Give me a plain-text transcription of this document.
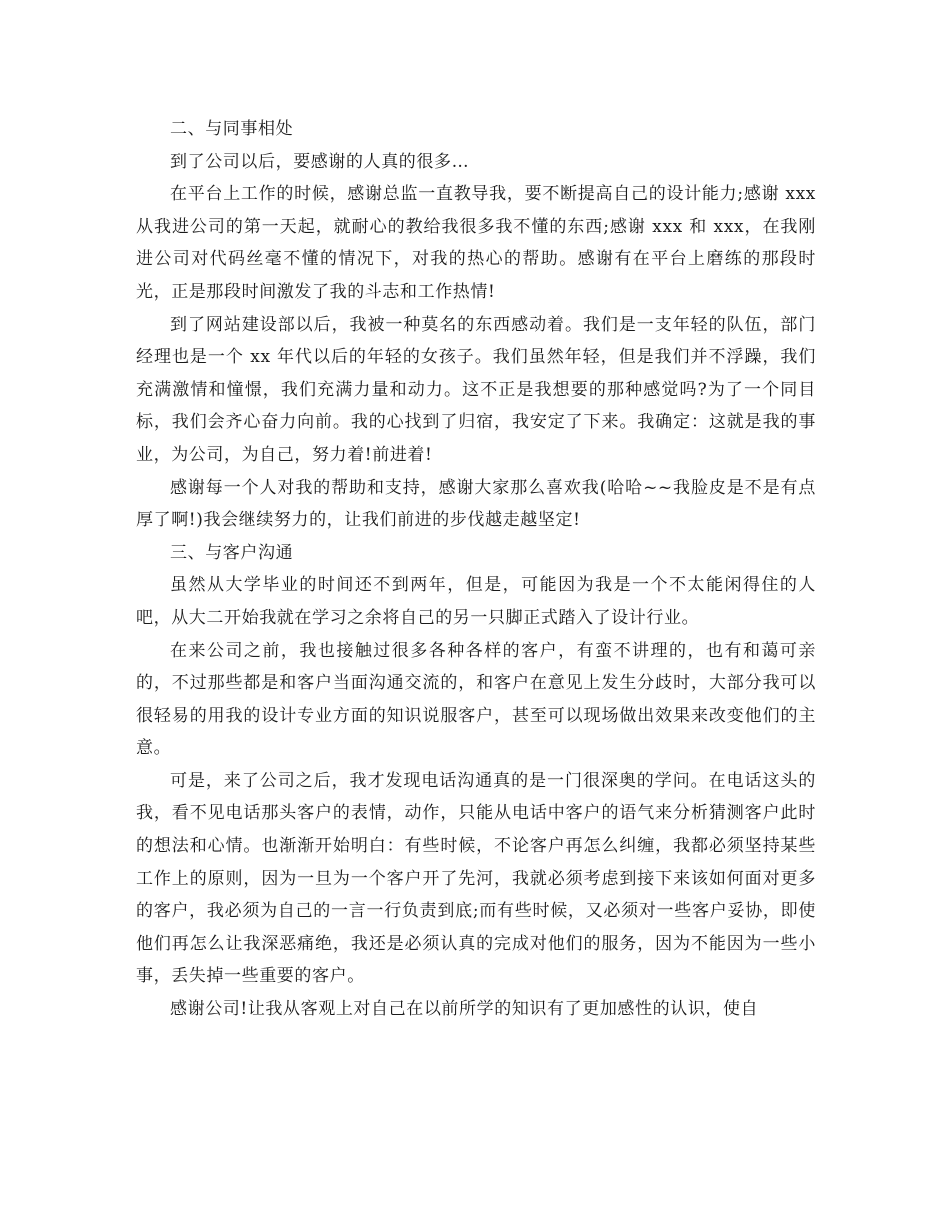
二、与同事相处

到了公司以后，要感谢的人真的很多…

在平台上工作的时候，感谢总监一直教导我，要不断提高自己的设计能力;感谢 xxx 从我进公司的第一天起，就耐心的教给我很多我不懂的东西;感谢 xxx 和 xxx，在我刚进公司对代码丝毫不懂的情况下，对我的热心的帮助。感谢有在平台上磨练的那段时光，正是那段时间激发了我的斗志和工作热情!

到了网站建设部以后，我被一种莫名的东西感动着。我们是一支年轻的队伍，部门经理也是一个 xx 年代以后的年轻的女孩子。我们虽然年轻，但是我们并不浮躁，我们充满激情和憧憬，我们充满力量和动力。这不正是我想要的那种感觉吗?为了一个同目标，我们会齐心奋力向前。我的心找到了归宿，我安定了下来。我确定：这就是我的事业，为公司，为自己，努力着!前进着!

感谢每一个人对我的帮助和支持，感谢大家那么喜欢我(哈哈~~我脸皮是不是有点厚了啊!)我会继续努力的，让我们前进的步伐越走越坚定!

三、与客户沟通

虽然从大学毕业的时间还不到两年，但是，可能因为我是一个不太能闲得住的人吧，从大二开始我就在学习之余将自己的另一只脚正式踏入了设计行业。

在来公司之前，我也接触过很多各种各样的客户，有蛮不讲理的，也有和蔼可亲的，不过那些都是和客户当面沟通交流的，和客户在意见上发生分歧时，大部分我可以很轻易的用我的设计专业方面的知识说服客户，甚至可以现场做出效果来改变他们的主意。

可是，来了公司之后，我才发现电话沟通真的是一门很深奥的学问。在电话这头的我，看不见电话那头客户的表情，动作，只能从电话中客户的语气来分析猜测客户此时的想法和心情。也渐渐开始明白：有些时候，不论客户再怎么纠缠，我都必须坚持某些工作上的原则，因为一旦为一个客户开了先河，我就必须考虑到接下来该如何面对更多的客户，我必须为自己的一言一行负责到底;而有些时候，又必须对一些客户妥协，即使他们再怎么让我深恶痛绝，我还是必须认真的完成对他们的服务，因为不能因为一些小事，丢失掉一些重要的客户。

感谢公司!让我从客观上对自己在以前所学的知识有了更加感性的认识，使自
